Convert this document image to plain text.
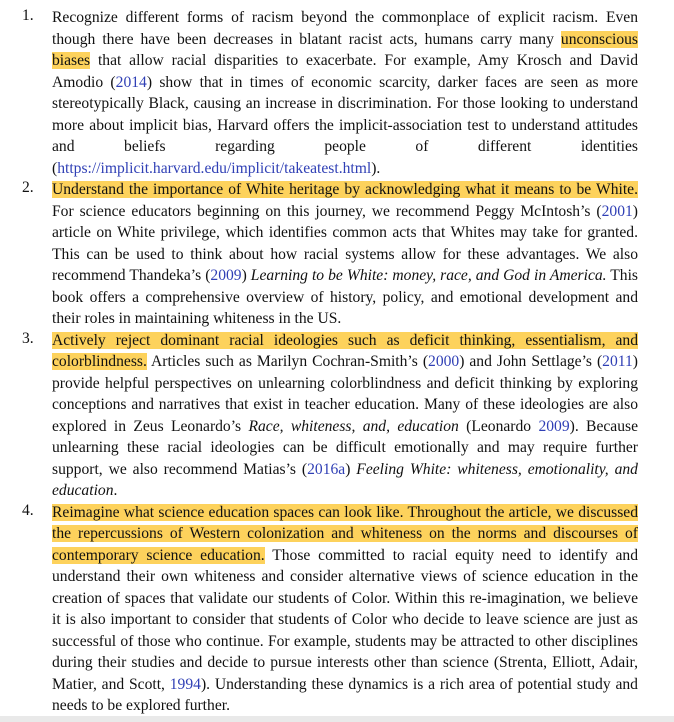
1. Recognize different forms of racism beyond the commonplace of explicit racism. Even though there have been decreases in blatant racist acts, humans carry many unconscious biases that allow racial disparities to exacerbate. For example, Amy Krosch and David Amodio (2014) show that in times of economic scarcity, darker faces are seen as more stereotypically Black, causing an increase in discrimination. For those looking to understand more about implicit bias, Harvard offers the implicit-association test to understand attitudes and beliefs regarding people of different identities (https://implicit.harvard.edu/implicit/takeatest.html).

2. Understand the importance of White heritage by acknowledging what it means to be White. For science educators beginning on this journey, we recommend Peggy McIntosh’s (2001) article on White privilege, which identifies common acts that Whites may take for granted. This can be used to think about how racial systems allow for these advantages. We also recommend Thandeka’s (2009) Learning to be White: money, race, and God in America. This book offers a comprehensive overview of history, policy, and emotional development and their roles in maintaining whiteness in the US.

3. Actively reject dominant racial ideologies such as deficit thinking, essentialism, and colorblindness. Articles such as Marilyn Cochran-Smith’s (2000) and John Settlage’s (2011) provide helpful perspectives on unlearning colorblindness and deficit thinking by exploring conceptions and narratives that exist in teacher education. Many of these ideologies are also explored in Zeus Leonardo’s Race, whiteness, and, education (Leonardo 2009). Because unlearning these racial ideologies can be difficult emotionally and may require further support, we also recommend Matias’s (2016a) Feeling White: whiteness, emotionality, and education.

4. Reimagine what science education spaces can look like. Throughout the article, we discussed the repercussions of Western colonization and whiteness on the norms and discourses of contemporary science education. Those committed to racial equity need to identify and understand their own whiteness and consider alternative views of science education in the creation of spaces that validate our students of Color. Within this re-imagination, we believe it is also important to consider that students of Color who decide to leave science are just as successful of those who continue. For example, students may be attracted to other disciplines during their studies and decide to pursue interests other than science (Strenta, Elliott, Adair, Matier, and Scott, 1994). Understanding these dynamics is a rich area of potential study and needs to be explored further.
